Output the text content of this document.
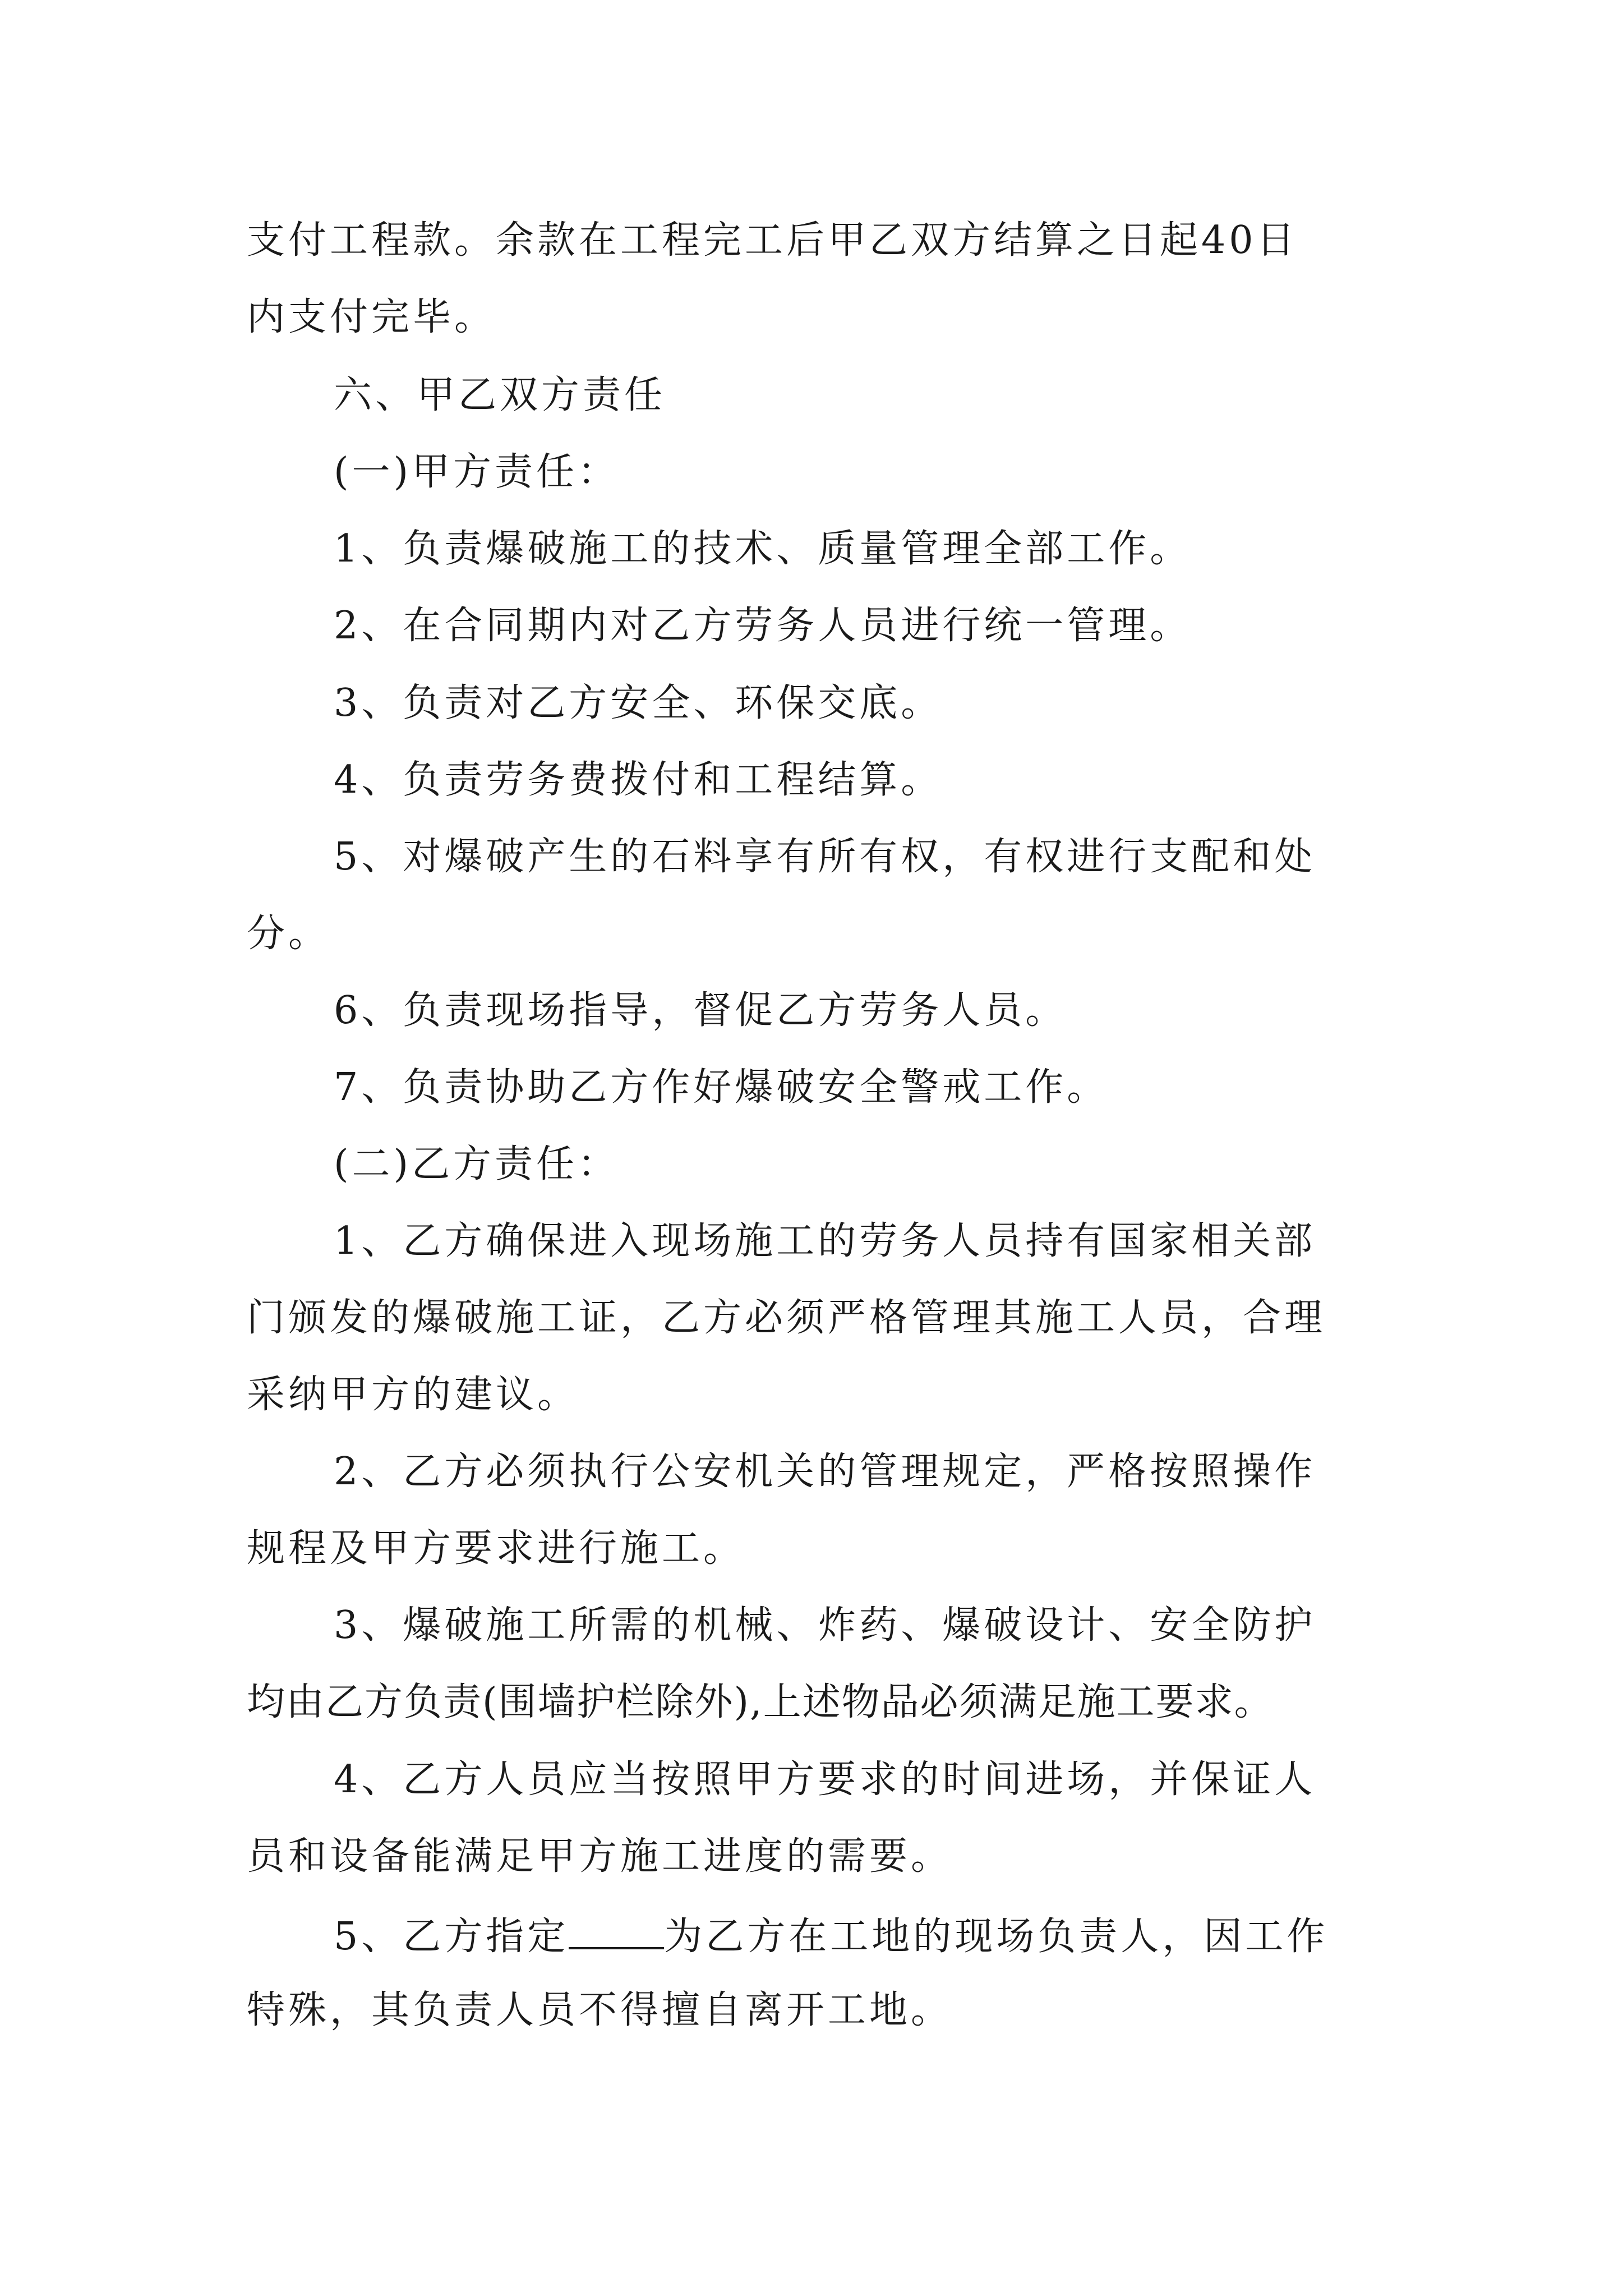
支付工程款。余款在工程完工后甲乙双方结算之日起40日
内支付完毕。
六、甲乙双方责任
(一)甲方责任：
1、负责爆破施工的技术、质量管理全部工作。
2、在合同期内对乙方劳务人员进行统一管理。
3、负责对乙方安全、环保交底。
4、负责劳务费拨付和工程结算。
5、对爆破产生的石料享有所有权，有权进行支配和处
分。
6、负责现场指导，督促乙方劳务人员。
7、负责协助乙方作好爆破安全警戒工作。
(二)乙方责任：
1、乙方确保进入现场施工的劳务人员持有国家相关部
门颁发的爆破施工证，乙方必须严格管理其施工人员，合理
采纳甲方的建议。
2、乙方必须执行公安机关的管理规定，严格按照操作
规程及甲方要求进行施工。
3、爆破施工所需的机械、炸药、爆破设计、安全防护
均由乙方负责(围墙护栏除外),上述物品必须满足施工要求。
4、乙方人员应当按照甲方要求的时间进场，并保证人
员和设备能满足甲方施工进度的需要。
5、乙方指定	为乙方在工地的现场负责人，因工作
特殊，其负责人员不得擅自离开工地。
